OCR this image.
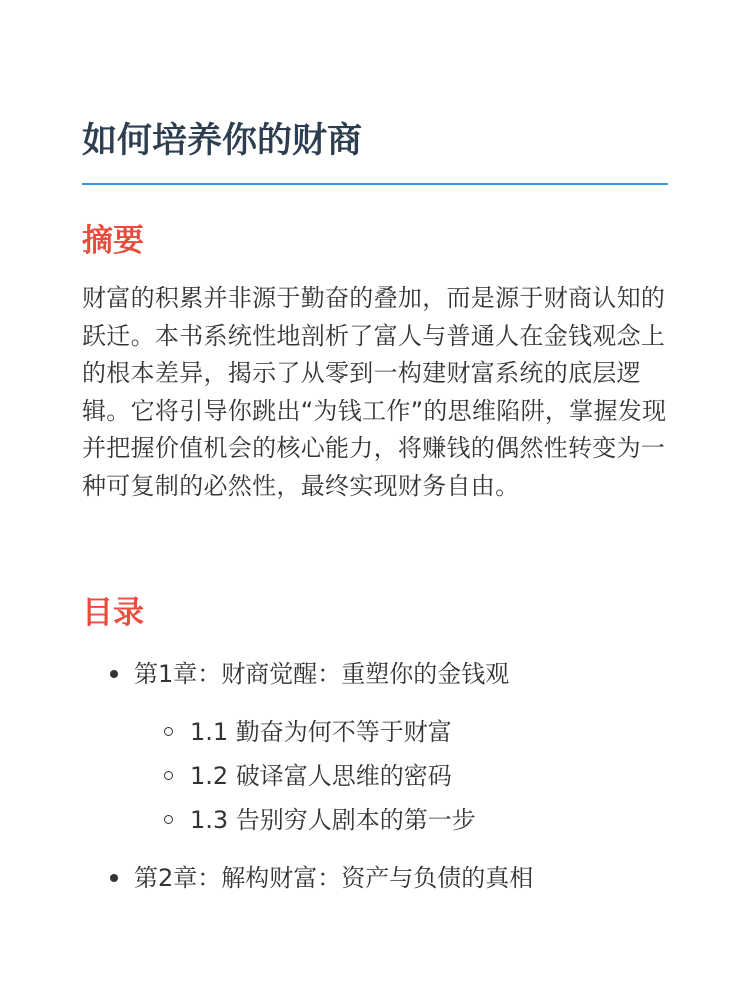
如何培养你的财商
摘要

财富的积累并非源于勤奋的叠加，而是源于财商认知的跃迁。本书系统性地剖析了富人与普通人在金钱观念上的根本差异，揭示了从零到一构建财富系统的底层逻辑。它将引导你跳出“为钱工作”的思维陷阱，掌握发现并把握价值机会的核心能力，将赚钱的偶然性转变为一种可复制的必然性，最终实现财务自由。

目录
第1章：财商觉醒：重塑你的金钱观
1.1 勤奋为何不等于财富
1.2 破译富人思维的密码
1.3 告别穷人剧本的第一步
第2章：解构财富：资产与负债的真相
